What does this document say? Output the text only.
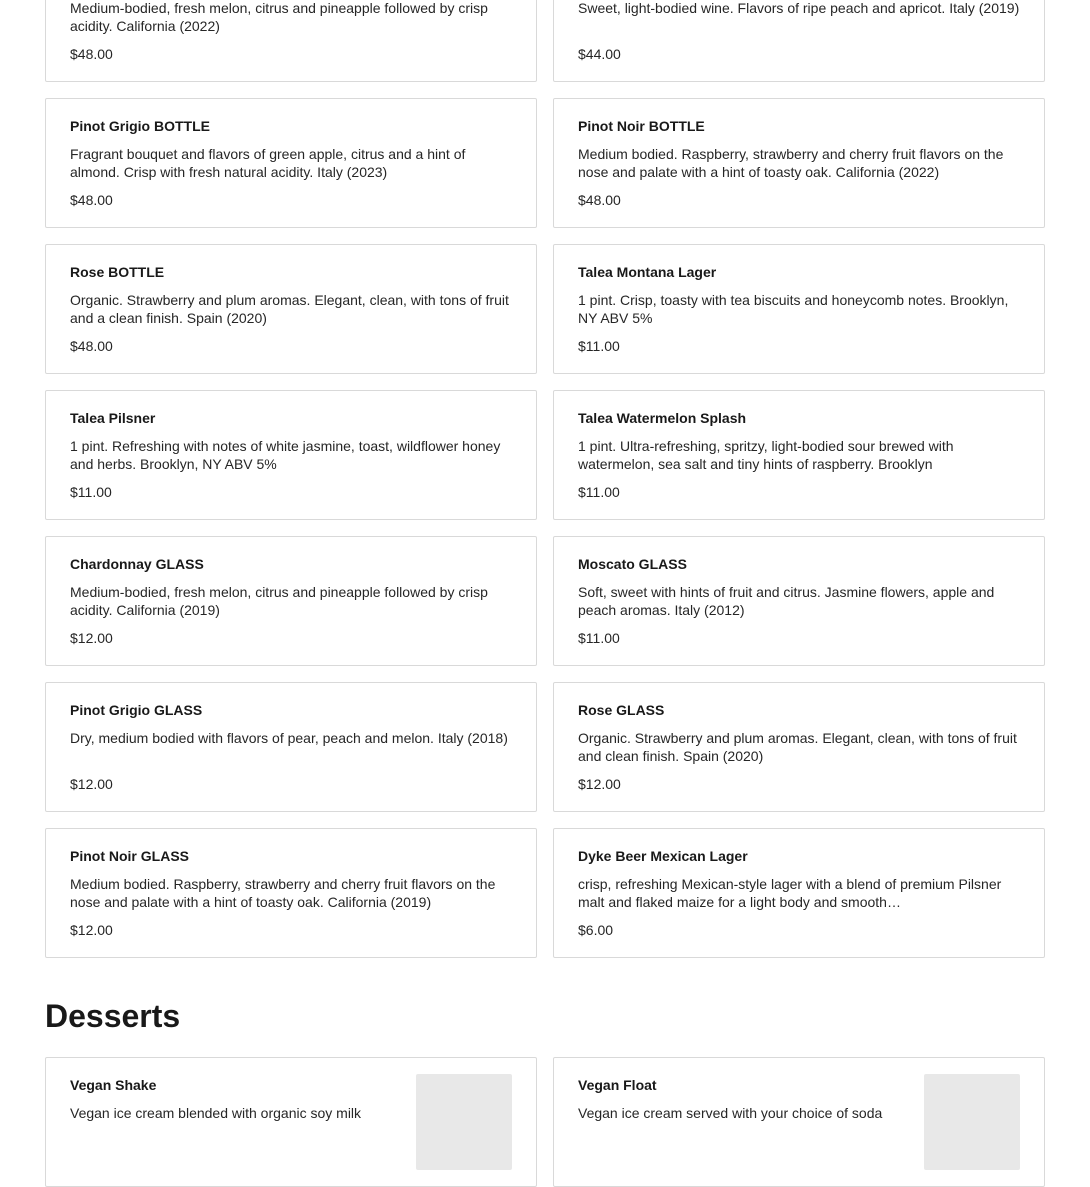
Medium-bodied, fresh melon, citrus and pineapple followed by crisp acidity. California (2022)
$48.00
Sweet, light-bodied wine. Flavors of ripe peach and apricot. Italy (2019)
$44.00
Pinot Grigio BOTTLE
Fragrant bouquet and flavors of green apple, citrus and a hint of almond. Crisp with fresh natural acidity. Italy (2023)
$48.00
Pinot Noir BOTTLE
Medium bodied. Raspberry, strawberry and cherry fruit flavors on the nose and palate with a hint of toasty oak. California (2022)
$48.00
Rose BOTTLE
Organic. Strawberry and plum aromas. Elegant, clean, with tons of fruit and a clean finish. Spain (2020)
$48.00
Talea Montana Lager
1 pint. Crisp, toasty with tea biscuits and honeycomb notes. Brooklyn, NY ABV 5%
$11.00
Talea Pilsner
1 pint. Refreshing with notes of white jasmine, toast, wildflower honey and herbs. Brooklyn, NY ABV 5%
$11.00
Talea Watermelon Splash
1 pint. Ultra-refreshing, spritzy, light-bodied sour brewed with watermelon, sea salt and tiny hints of raspberry. Brooklyn
$11.00
Chardonnay GLASS
Medium-bodied, fresh melon, citrus and pineapple followed by crisp acidity. California (2019)
$12.00
Moscato GLASS
Soft, sweet with hints of fruit and citrus. Jasmine flowers, apple and peach aromas. Italy (2012)
$11.00
Pinot Grigio GLASS
Dry, medium bodied with flavors of pear, peach and melon. Italy (2018)
$12.00
Rose GLASS
Organic. Strawberry and plum aromas. Elegant, clean, with tons of fruit and clean finish. Spain (2020)
$12.00
Pinot Noir GLASS
Medium bodied. Raspberry, strawberry and cherry fruit flavors on the nose and palate with a hint of toasty oak. California (2019)
$12.00
Dyke Beer Mexican Lager
crisp, refreshing Mexican-style lager with a blend of premium Pilsner malt and flaked maize for a light body and smooth…
$6.00
Desserts
Vegan Shake
Vegan ice cream blended with organic soy milk
Vegan Float
Vegan ice cream served with your choice of soda
